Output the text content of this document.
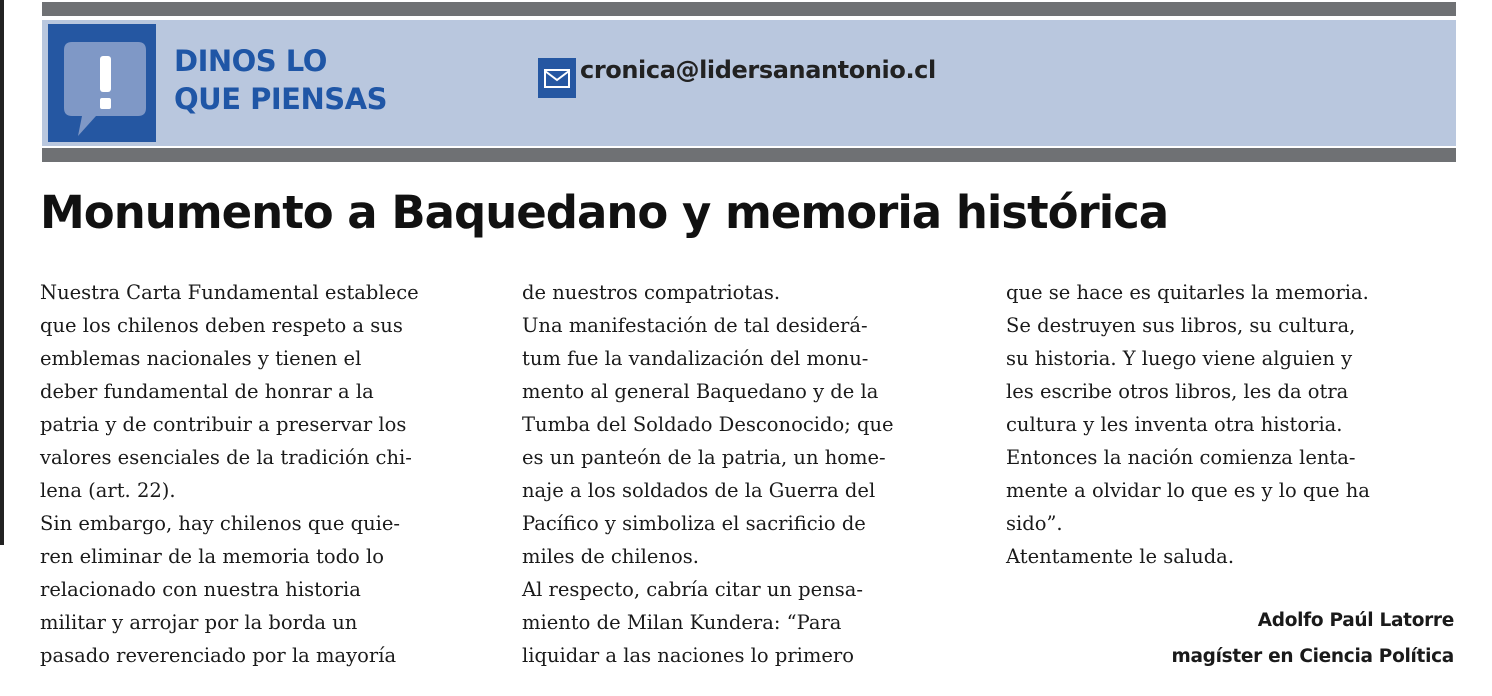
DINOS LO
QUE PIENSAS
cronica@lidersanantonio.cl
Monumento a Baquedano y memoria histórica
Nuestra Carta Fundamental establece
que los chilenos deben respeto a sus
emblemas nacionales y tienen el
deber fundamental de honrar a la
patria y de contribuir a preservar los
valores esenciales de la tradición chi-
lena (art. 22).
Sin embargo, hay chilenos que quie-
ren eliminar de la memoria todo lo
relacionado con nuestra historia
militar y arrojar por la borda un
pasado reverenciado por la mayoría
de nuestros compatriotas.
Una manifestación de tal desiderá-
tum fue la vandalización del monu-
mento al general Baquedano y de la
Tumba del Soldado Desconocido; que
es un panteón de la patria, un home-
naje a los soldados de la Guerra del
Pacífico y simboliza el sacrificio de
miles de chilenos.
Al respecto, cabría citar un pensa-
miento de Milan Kundera: “Para
liquidar a las naciones lo primero
que se hace es quitarles la memoria.
Se destruyen sus libros, su cultura,
su historia. Y luego viene alguien y
les escribe otros libros, les da otra
cultura y les inventa otra historia.
Entonces la nación comienza lenta-
mente a olvidar lo que es y lo que ha
sido”.
Atentamente le saluda.
Adolfo Paúl Latorre
magíster en Ciencia Política
